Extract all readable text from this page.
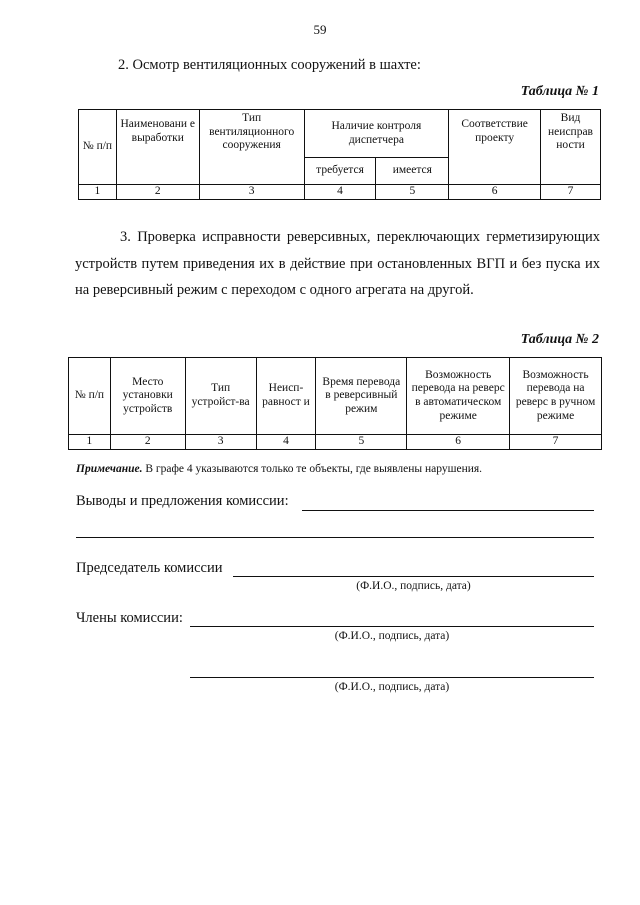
59
2. Осмотр вентиляционных сооружений в шахте:
Таблица № 1
№ п/п	Наименовани е выработки	Тип вентиляционного сооружения	Наличие контроля диспетчера		Соответствие проекту	Вид неисправ ности
			требуется	имеется		
1	2	3	4	5	6	7
3. Проверка исправности реверсивных, переключающих герметизирующих устройств путем приведения их в действие при остановленных ВГП и без пуска их на реверсивный режим с переходом с одного агрегата на другой.
Таблица № 2
№ п/п	Место установки устройств	Тип устройст-ва	Неисп-равност и	Время перевода в реверсивный режим	Возможность перевода на реверс в автоматическом режиме	Возможность перевода на реверс в ручном режиме
1	2	3	4	5	6	7
Примечание. В графе 4 указываются только те объекты, где выявлены нарушения.
Выводы и предложения комиссии:
Председатель комиссии
(Ф.И.О., подпись, дата)
Члены комиссии:
(Ф.И.О., подпись, дата)
(Ф.И.О., подпись, дата)
